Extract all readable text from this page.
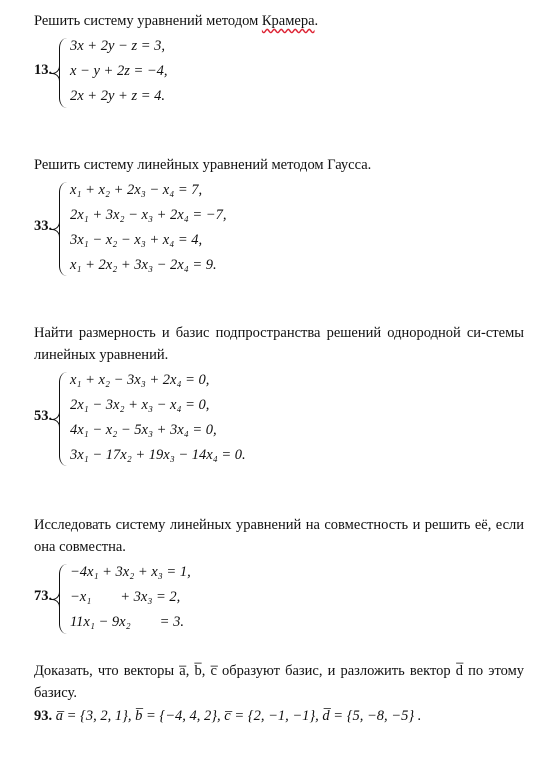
Решить систему уравнений методом Крамера.
13.
3x + 2y − z = 3,
x − y + 2z = −4,
2x + 2y + z = 4.
Решить систему линейных уравнений методом Гаусса.
33.
x₁ + x₂ + 2x₃ − x₄ = 7,
2x₁ + 3x₂ − x₃ + 2x₄ = −7,
3x₁ − x₂ − x₃ + x₄ = 4,
x₁ + 2x₂ + 3x₃ − 2x₄ = 9.
Найти размерность и базис подпространства решений однородной си-стемы линейных уравнений.
53.
x₁ + x₂ − 3x₃ + 2x₄ = 0,
2x₁ − 3x₂ + x₃ − x₄ = 0,
4x₁ − x₂ − 5x₃ + 3x₄ = 0,
3x₁ − 17x₂ + 19x₃ − 14x₄ = 0.
Исследовать систему линейных уравнений на совместность и решить её, если она совместна.
73.
−4x₁ + 3x₂ + x₃ = 1,
−x₁        + 3x₃ = 2,
11x₁ − 9x₂        = 3.
Доказать, что векторы a̅, b̅, c̅ образуют базис, и разложить вектор d̅ по этому базису.
93. a̅ = {3, 2, 1}, b̅ = {−4, 4, 2}, c̅ = {2, −1, −1}, d̅ = {5, −8, −5} .
